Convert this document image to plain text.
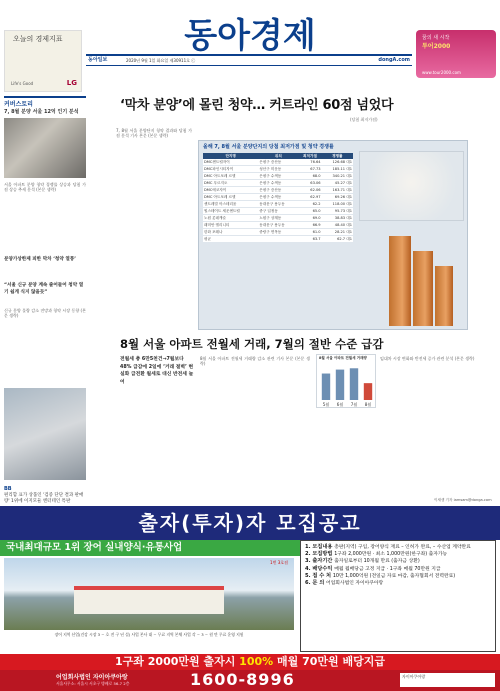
오늘의 경제지표
Life's Good	LG
동아경제	꿈의 새 시작
투어2000
www.tour2000.com
동아일보	2020년 9월 1일 화요일 제30911호 ⓒ	dongA.com
‘막차 분양’에 몰린 청약… 커트라인 60점 넘었다
(당첨 최저가점)
커버스토리
7, 8월 분양 서울 12억 인기 분석
서울 아파트 분양 청약 경쟁률 상승과 당첨 가점 상승 추세 분석 (본문 생략)
분양가상한제 피한 막차 ‘청약 열풍’
“서울 신규 분양 계속 줄어들어 청약 열기 쉽게 식지 않을듯”
신규 분양 물량 감소 전망과 청약 시장 동향 (본문 생략)
BB
편리함 표가 상품인 '검증 단단 결과 판매량' 1위에 이지모듈 엔터테인 특판
7, 8월 서울 분양단지 청약 결과와 당첨 가점 분석 기사 본문 (본문 생략)
올해 7, 8월 서울 분양단지의 당첨 최저가점 및 청약 경쟁률
단지명	위치	최저가점	경쟁률
DMC센트럴자이	은평구 증산동	76.64	126.68 대1
DMC파인시티자이	성산구 미운동	67.73	185.11 대1
DMC 아트포레 르엘	은평구 수색동	68.0	340.21 대1
DMC 푸르지오	은평구 수색동	63.06	45.27 대1
DMC에코자이	은평구 증산동	62.06	163.71 대1
DMC 아트포레 르엘	은평구 수색동	62.97	69.26 대1
센트레빌 아스테리움	동대문구 용두동	62.2	118.00 대1
힐스테이트 세운센트럴	중구 입정동	65.0	95.73 대1
노원 롯데캐슬	노원구 상계동	69.0	38.83 대1
래미안 엘리니티	동대문구 용두동	66.9	48.40 대1
한화 포레나	중랑구 면목동	61.0	28.21 대1
평균		63.7	62.7 대1
8월 서울 아파트 전월세 거래, 7월의 절반 수준 급감
전월세 총 6만5천건→7월보다 48% 급감에 2일에 ‘거래 절벽’ 현실화 급전환 월세로 대신 반전세 늘어
8월 서울 아파트 전월세 거래량 감소 관련 기사 본문 (본문 생략)
8월 서울 아파트 전월세 거래량
5월 6월 7월 8월
임대차 시장 변화와 반전세 증가 관련 분석 (본문 생략)
이새샘 기자 iamsam@donga.com
출자(투자)자 모집공고
국내최대규모 1위 장어 실내양식·유통사업
1번 3호점
장어 지역 산업(건강 시장 3 ~ 호 전 구 년 설) 사업 본사 대 ~ 무료 지역 본체 사업 각 ~ 3 ~ 원 만 무료 운영 지원
1. 모집내용 총판(지역) 구입, 장어양식 재료 – 인허가 완료, – 수산업 계약완료
2. 모집방법 1구좌 2,000만원 · 최소 1,000만원(한구좌) 출자가능
3. 출자기간 출자일로부터 10개월 만료 (출자금 상환)
4. 배당수익 매월 월배당금 고정 지급 · 1구좌 매월 70만원 지급
5. 접 수 처 10만 1,000억원 (전일금 자료 마감, 출자협회서 전력완료)
6. 문 의 어업회사법인 자이아쿠아랑
1구좌 2000만원 출자시 100% 매월 70만원 배당지급
어업회사법인 자이아쿠아랑
서울사무소: 서울시 서초구 방배로 56-7 2층	1600-8996	자이아쿠아랑
